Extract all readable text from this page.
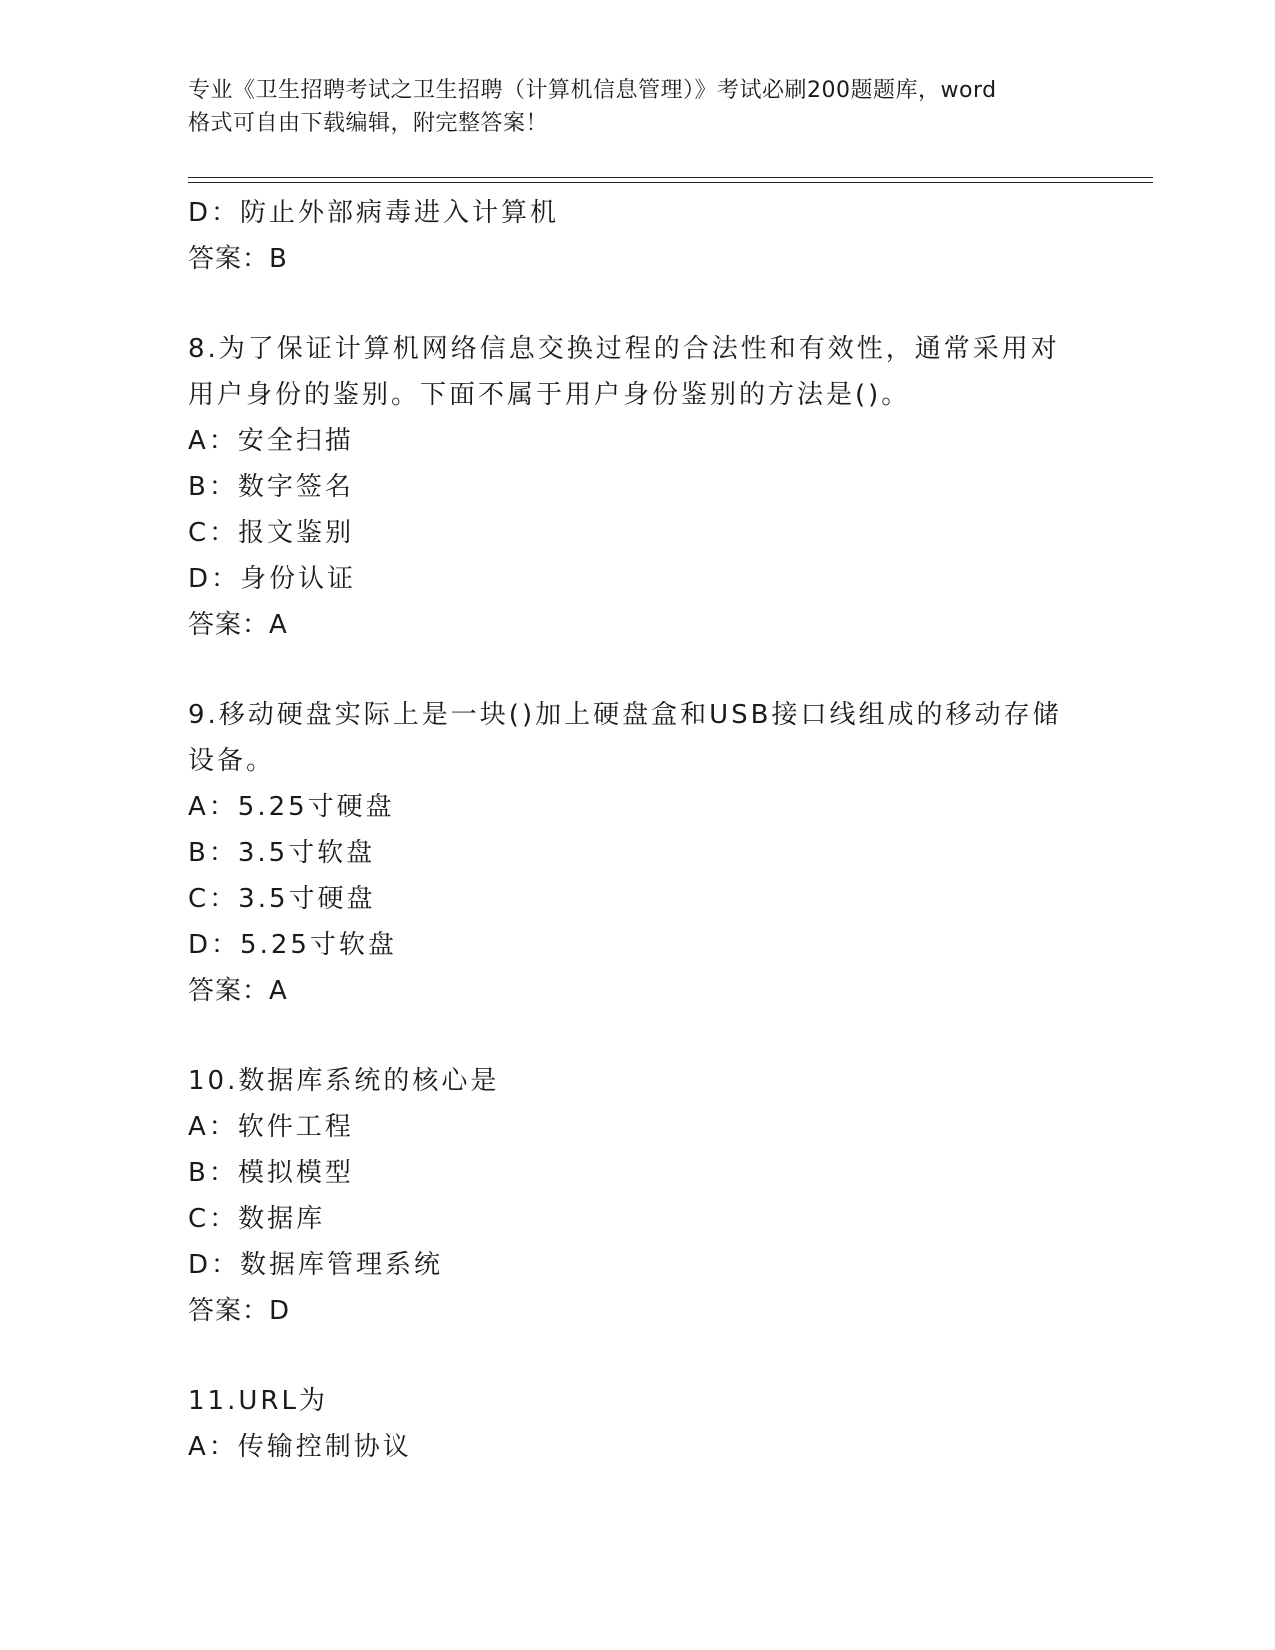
专业《卫生招聘考试之卫生招聘（计算机信息管理）》考试必刷200题题库，word
格式可自由下载编辑，附完整答案！
D：防止外部病毒进入计算机
答案：B
8.为了保证计算机网络信息交换过程的合法性和有效性，通常采用对
用户身份的鉴别。下面不属于用户身份鉴别的方法是()。
A：安全扫描
B：数字签名
C：报文鉴别
D：身份认证
答案：A
9.移动硬盘实际上是一块()加上硬盘盒和USB接口线组成的移动存储
设备。
A：5.25寸硬盘
B：3.5寸软盘
C：3.5寸硬盘
D：5.25寸软盘
答案：A
10.数据库系统的核心是
A：软件工程
B：模拟模型
C：数据库
D：数据库管理系统
答案：D
11.URL为
A：传输控制协议
